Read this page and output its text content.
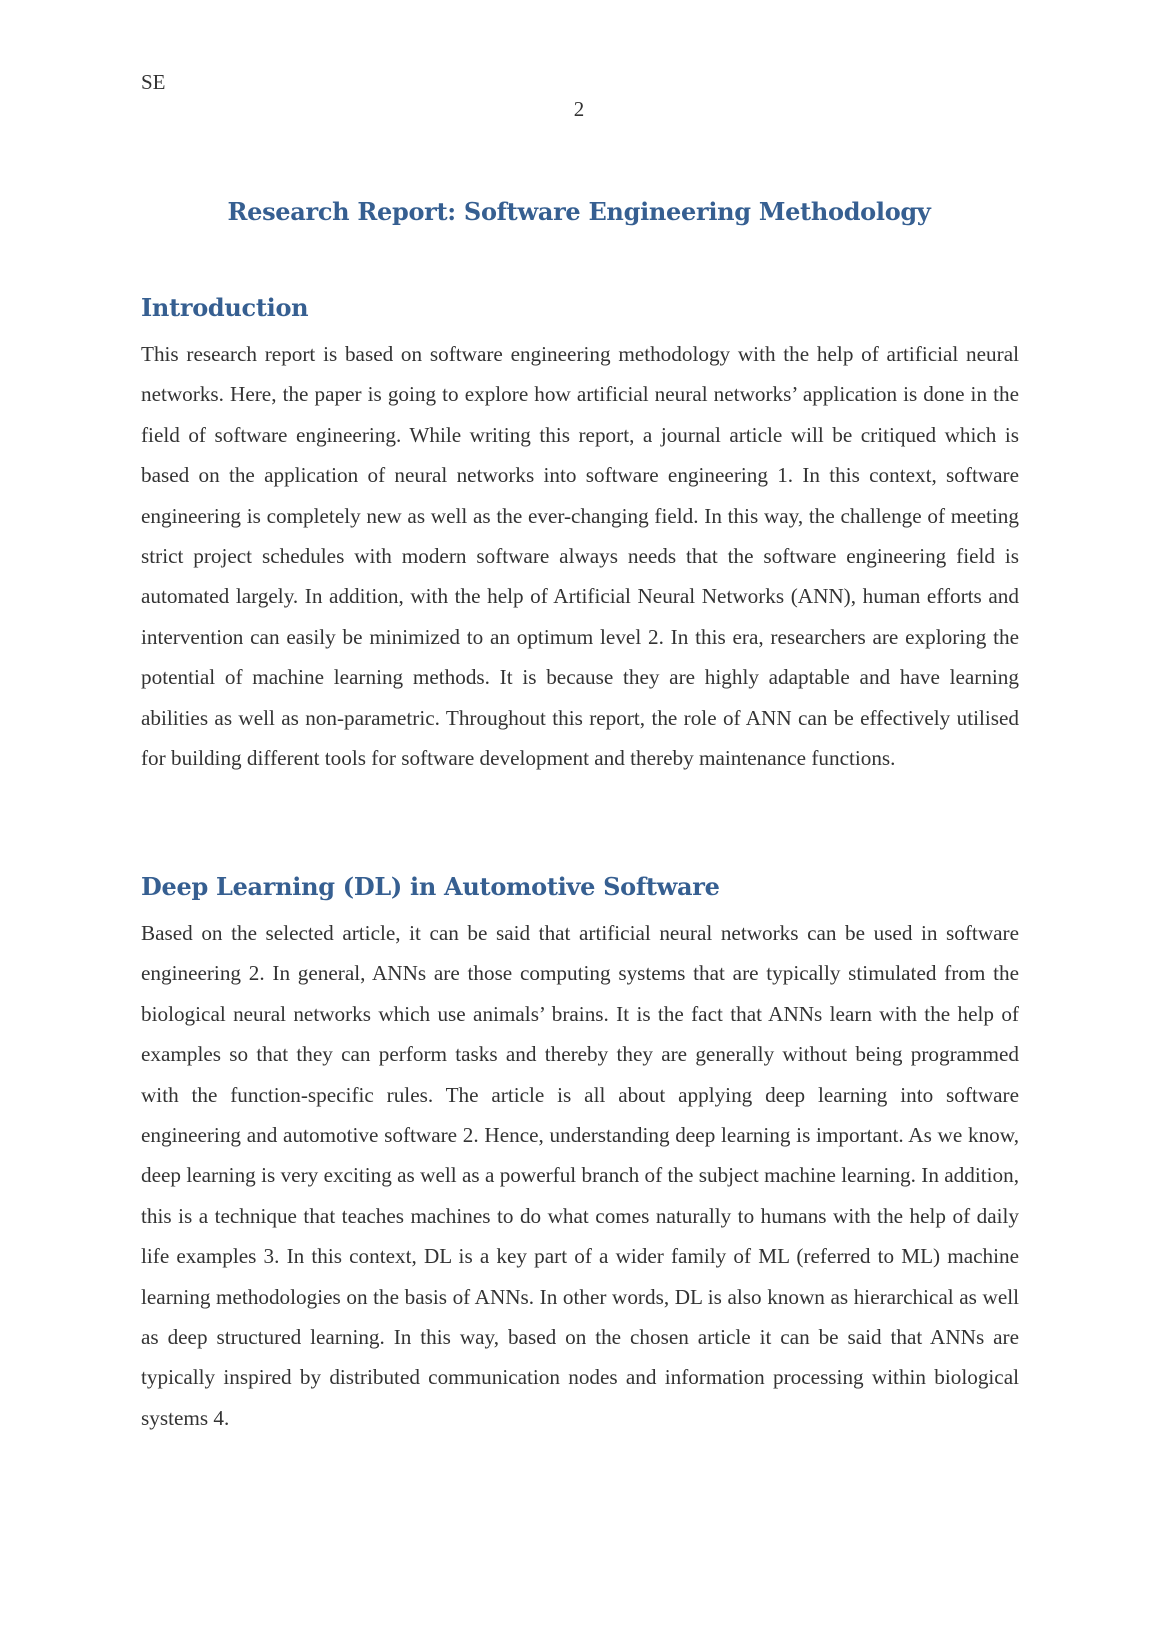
SE
2
Research Report: Software Engineering Methodology
Introduction

This research report is based on software engineering methodology with the help of artificial neural networks. Here, the paper is going to explore how artificial neural networks’ application is done in the field of software engineering. While writing this report, a journal article will be critiqued which is based on the application of neural networks into software engineering 1. In this context, software engineering is completely new as well as the ever-changing field. In this way, the challenge of meeting strict project schedules with modern software always needs that the software engineering field is automated largely. In addition, with the help of Artificial Neural Networks (ANN), human efforts and intervention can easily be minimized to an optimum level 2. In this era, researchers are exploring the potential of machine learning methods. It is because they are highly adaptable and have learning abilities as well as non-parametric. Throughout this report, the role of ANN can be effectively utilised for building different tools for software development and thereby maintenance functions.

Deep Learning (DL) in Automotive Software

Based on the selected article, it can be said that artificial neural networks can be used in software engineering 2. In general, ANNs are those computing systems that are typically stimulated from the biological neural networks which use animals’ brains. It is the fact that ANNs learn with the help of examples so that they can perform tasks and thereby they are generally without being programmed with the function-specific rules. The article is all about applying deep learning into software engineering and automotive software 2. Hence, understanding deep learning is important. As we know, deep learning is very exciting as well as a powerful branch of the subject machine learning. In addition, this is a technique that teaches machines to do what comes naturally to humans with the help of daily life examples 3. In this context, DL is a key part of a wider family of ML (referred to ML) machine learning methodologies on the basis of ANNs. In other words, DL is also known as hierarchical as well as deep structured learning. In this way, based on the chosen article it can be said that ANNs are typically inspired by distributed communication nodes and information processing within biological systems 4.
